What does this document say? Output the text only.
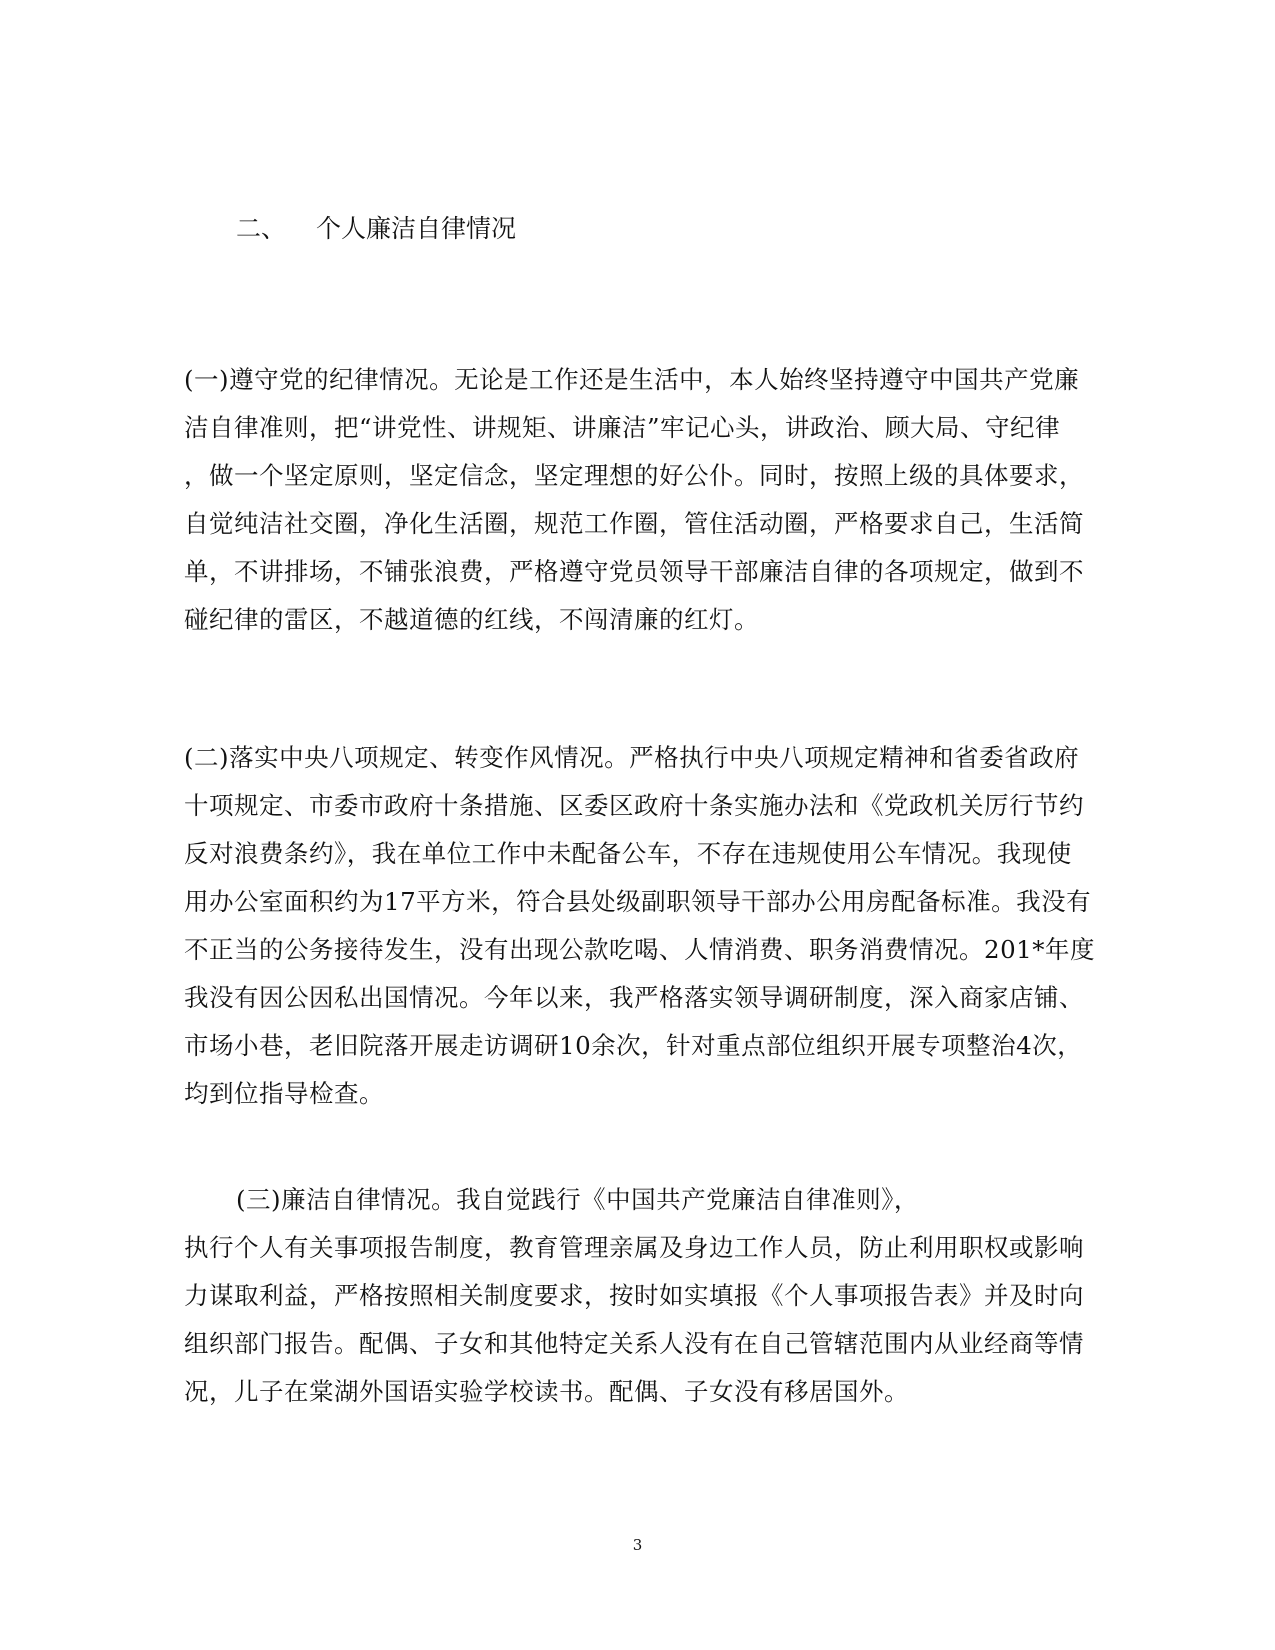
二、 个人廉洁自律情况
(一)遵守党的纪律情况。无论是工作还是生活中，本人始终坚持遵守中国共产党廉
洁自律准则，把“讲党性、讲规矩、讲廉洁”牢记心头，讲政治、顾大局、守纪律
，做一个坚定原则，坚定信念，坚定理想的好公仆。同时，按照上级的具体要求，
自觉纯洁社交圈，净化生活圈，规范工作圈，管住活动圈，严格要求自己，生活简
单，不讲排场，不铺张浪费，严格遵守党员领导干部廉洁自律的各项规定，做到不
碰纪律的雷区，不越道德的红线，不闯清廉的红灯。
(二)落实中央八项规定、转变作风情况。严格执行中央八项规定精神和省委省政府
十项规定、市委市政府十条措施、区委区政府十条实施办法和《党政机关厉行节约
反对浪费条约》，我在单位工作中未配备公车，不存在违规使用公车情况。我现使
用办公室面积约为17平方米，符合县处级副职领导干部办公用房配备标准。我没有
不正当的公务接待发生，没有出现公款吃喝、人情消费、职务消费情况。201*年度
我没有因公因私出国情况。今年以来，我严格落实领导调研制度，深入商家店铺、
市场小巷，老旧院落开展走访调研10余次，针对重点部位组织开展专项整治4次，
均到位指导检查。
(三)廉洁自律情况。我自觉践行《中国共产党廉洁自律准则》，
执行个人有关事项报告制度，教育管理亲属及身边工作人员，防止利用职权或影响
力谋取利益，严格按照相关制度要求，按时如实填报《个人事项报告表》并及时向
组织部门报告。配偶、子女和其他特定关系人没有在自己管辖范围内从业经商等情
况，儿子在棠湖外国语实验学校读书。配偶、子女没有移居国外。
3
